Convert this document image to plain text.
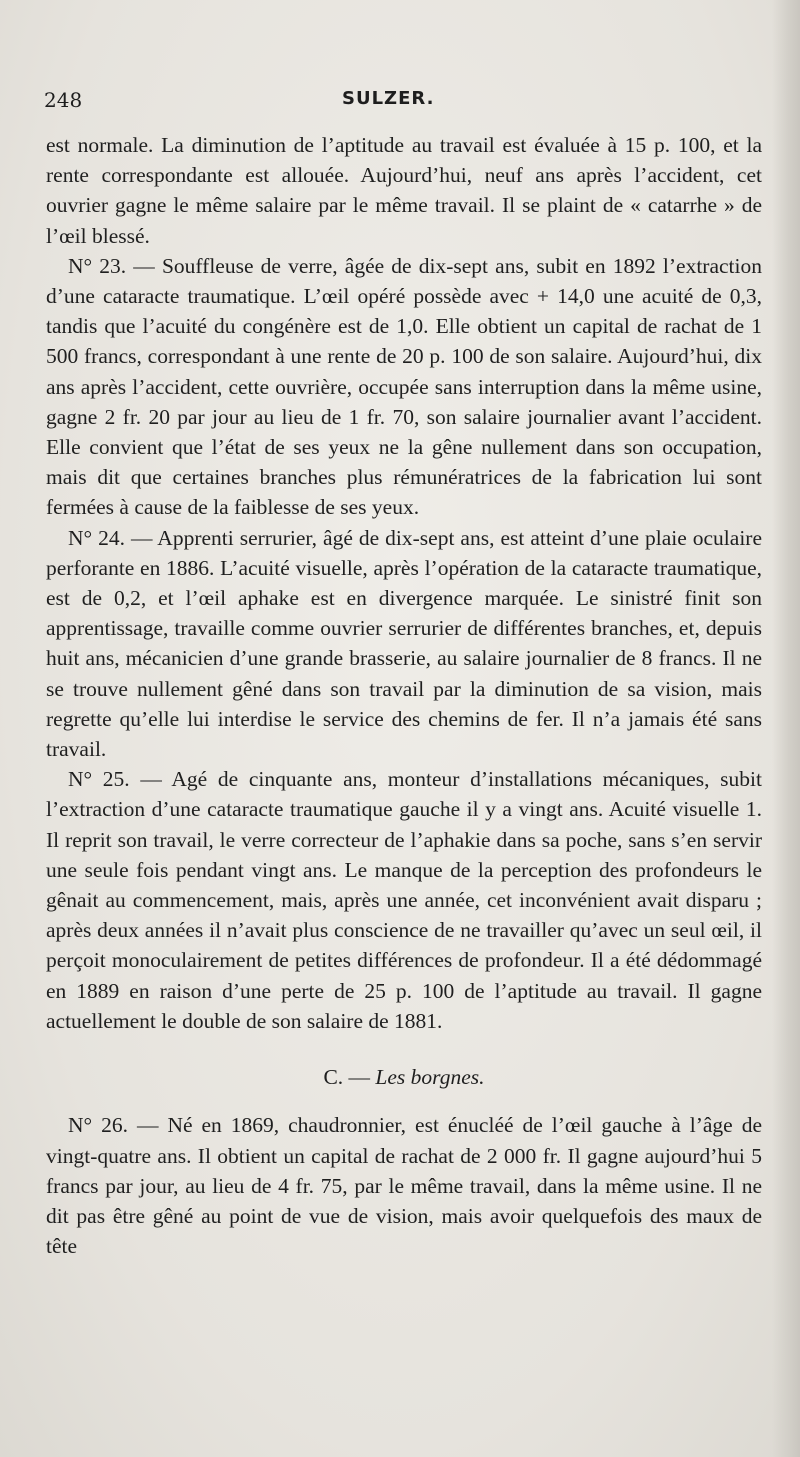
248	SULZER.

est normale. La diminution de l’aptitude au travail est évaluée à 15 p. 100, et la rente correspondante est allouée. Aujourd’hui, neuf ans après l’accident, cet ouvrier gagne le même salaire par le même travail. Il se plaint de « catarrhe » de l’œil blessé.

N° 23. — Souffleuse de verre, âgée de dix-sept ans, subit en 1892 l’extraction d’une cataracte traumatique. L’œil opéré possède avec + 14,0 une acuité de 0,3, tandis que l’acuité du congénère est de 1,0. Elle obtient un capital de rachat de 1 500 francs, correspondant à une rente de 20 p. 100 de son salaire. Aujourd’hui, dix ans après l’accident, cette ouvrière, occupée sans interruption dans la même usine, gagne 2 fr. 20 par jour au lieu de 1 fr. 70, son salaire journalier avant l’accident. Elle convient que l’état de ses yeux ne la gêne nullement dans son occupation, mais dit que certaines branches plus rémunératrices de la fabrication lui sont fermées à cause de la faiblesse de ses yeux.

N° 24. — Apprenti serrurier, âgé de dix-sept ans, est atteint d’une plaie oculaire perforante en 1886. L’acuité visuelle, après l’opération de la cataracte traumatique, est de 0,2, et l’œil aphake est en divergence marquée. Le sinistré finit son apprentissage, travaille comme ouvrier serrurier de différentes branches, et, depuis huit ans, mécanicien d’une grande brasserie, au salaire journalier de 8 francs. Il ne se trouve nullement gêné dans son travail par la diminution de sa vision, mais regrette qu’elle lui interdise le service des chemins de fer. Il n’a jamais été sans travail.

N° 25. — Agé de cinquante ans, monteur d’installations mécaniques, subit l’extraction d’une cataracte traumatique gauche il y a vingt ans. Acuité visuelle 1. Il reprit son travail, le verre correcteur de l’aphakie dans sa poche, sans s’en servir une seule fois pendant vingt ans. Le manque de la perception des profondeurs le gênait au commencement, mais, après une année, cet inconvénient avait disparu ; après deux années il n’avait plus conscience de ne travailler qu’avec un seul œil, il perçoit monoculairement de petites différences de profondeur. Il a été dédommagé en 1889 en raison d’une perte de 25 p. 100 de l’aptitude au travail. Il gagne actuellement le double de son salaire de 1881.

C. — Les borgnes.

N° 26. — Né en 1869, chaudronnier, est énucléé de l’œil gauche à l’âge de vingt-quatre ans. Il obtient un capital de rachat de 2 000 fr. Il gagne aujourd’hui 5 francs par jour, au lieu de 4 fr. 75, par le même travail, dans la même usine. Il ne dit pas être gêné au point de vue de vision, mais avoir quelquefois des maux de tête
